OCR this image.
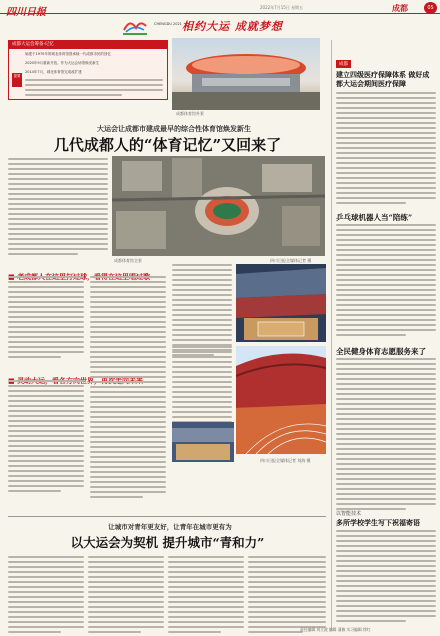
2022年7月15日 星期五	成都	05
CHENGDU 2021 相约大运 成就梦想
成都大运会筹备·记忆
提要
始建于1970年的城北体育馆曾承载一代成都市民的回忆
2020年9月重新开放，作为大运会场馆焕发新生
2014年7月，城北体育馆完成改扩建
成都体育馆外景
大运会让成都市建成最早的综合性体育馆焕发新生
几代成都人的“体育记忆”又回来了
四川日报全媒体记者 摄
成都体育馆全景
四川日报全媒体记者 刘海 摄
让城市对青年更友好，让青年在城市更有为
以大运会为契机 提升城市“青和力”
成都
建立四级医疗保障体系 做好成都大运会期间医疗保障
乒乓球机器人当“陪练”
全民健身体育志愿服务来了
以智能技术
多所学校学生写下祝福寄语
责任编辑 刘立波 编辑 蒲筱 实习编辑 徐红
